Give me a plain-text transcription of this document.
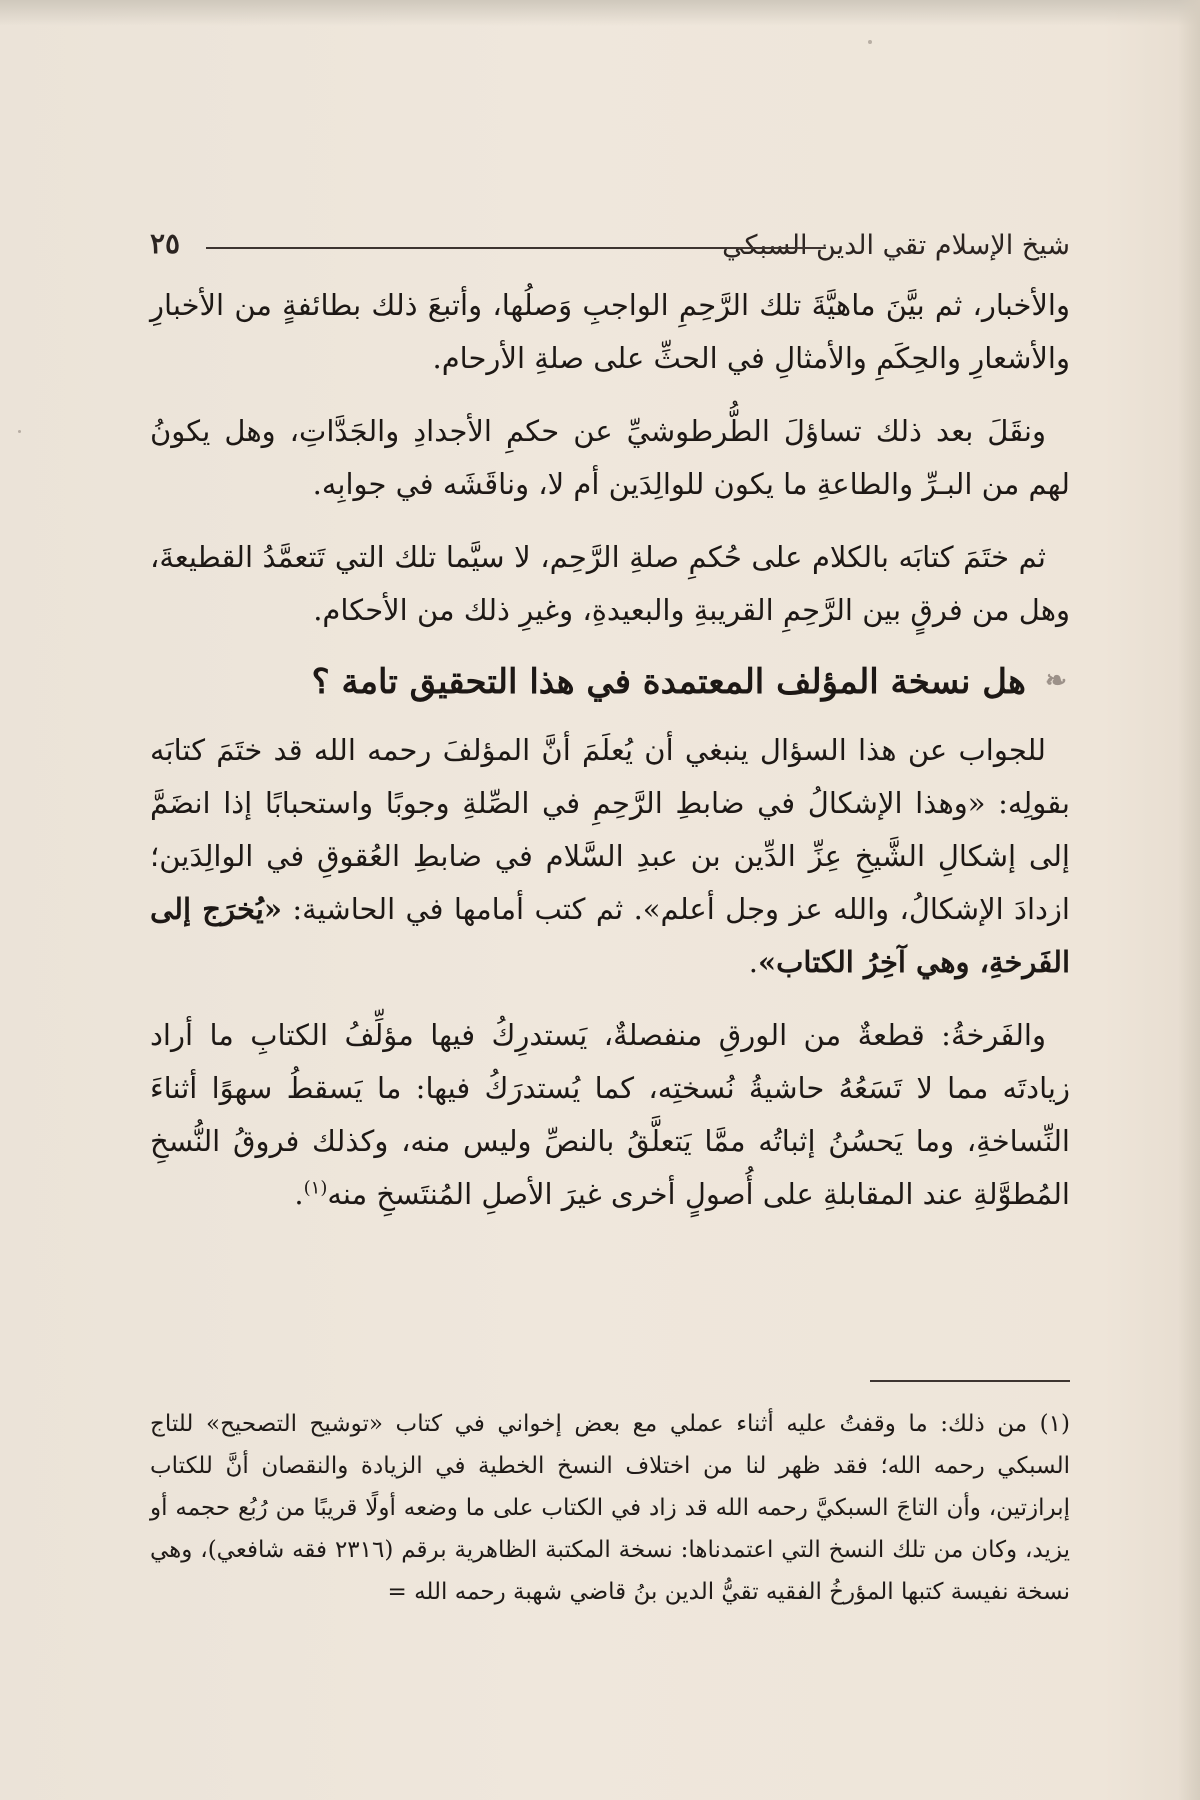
شيخ الإسلام تقي الدين السبكي
٢٥

والأخبار، ثم بيَّنَ ماهيَّةَ تلك الرَّحِمِ الواجبِ وَصلُها، وأتبعَ ذلك بطائفةٍ من الأخبارِ والأشعارِ والحِكَمِ والأمثالِ في الحثِّ على صلةِ الأرحام.

ونقَلَ بعد ذلك تساؤلَ الطُّرطوشيِّ عن حكمِ الأجدادِ والجَدَّاتِ، وهل يكونُ لهم من البـرِّ والطاعةِ ما يكون للوالِدَين أم لا، وناقَشَه في جوابِه.

ثم ختَمَ كتابَه بالكلام على حُكمِ صلةِ الرَّحِم، لا سيَّما تلك التي تَتعمَّدُ القطيعةَ، وهل من فرقٍ بين الرَّحِمِ القريبةِ والبعيدةِ، وغيرِ ذلك من الأحكام.

❧هل نسخة المؤلف المعتمدة في هذا التحقيق تامة ؟

للجواب عن هذا السؤال ينبغي أن يُعلَمَ أنَّ المؤلفَ رحمه الله قد ختَمَ كتابَه بقولِه: «وهذا الإشكالُ في ضابطِ الرَّحِمِ في الصِّلةِ وجوبًا واستحبابًا إذا انضَمَّ إلى إشكالِ الشَّيخِ عِزِّ الدِّين بن عبدِ السَّلام في ضابطِ العُقوقِ في الوالِدَين؛ ازدادَ الإشكالُ، والله عز وجل أعلم». ثم كتب أمامها في الحاشية: «يُخرَج إلى الفَرخةِ، وهي آخِرُ الكتاب».

والفَرخةُ: قطعةٌ من الورقِ منفصلةٌ، يَستدرِكُ فيها مؤلِّفُ الكتابِ ما أراد زيادتَه مما لا تَسَعُهُ حاشيةُ نُسختِه، كما يُستدرَكُ فيها: ما يَسقطُ سهوًا أثناءَ النِّساخةِ، وما يَحسُنُ إثباتُه ممَّا يَتعلَّقُ بالنصِّ وليس منه، وكذلك فروقُ النُّسخِ المُطوَّلةِ عند المقابلةِ على أُصولٍ أخرى غيرَ الأصلِ المُنتَسخِ منه$^{(١)}$.

(١) من ذلك: ما وقفتُ عليه أثناء عملي مع بعض إخواني في كتاب «توشيح التصحيح» للتاج السبكي رحمه الله؛ فقد ظهر لنا من اختلاف النسخ الخطية في الزيادة والنقصان أنَّ للكتاب إبرازتين، وأن التاجَ السبكيَّ رحمه الله قد زاد في الكتاب على ما وضعه أولًا قريبًا من رُبُع حجمه أو يزيد، وكان من تلك النسخ التي اعتمدناها: نسخة المكتبة الظاهرية برقم (٢٣١٦ فقه شافعي)، وهي نسخة نفيسة كتبها المؤرخُ الفقيه تقيُّ الدين بنُ قاضي شهبة رحمه الله =
